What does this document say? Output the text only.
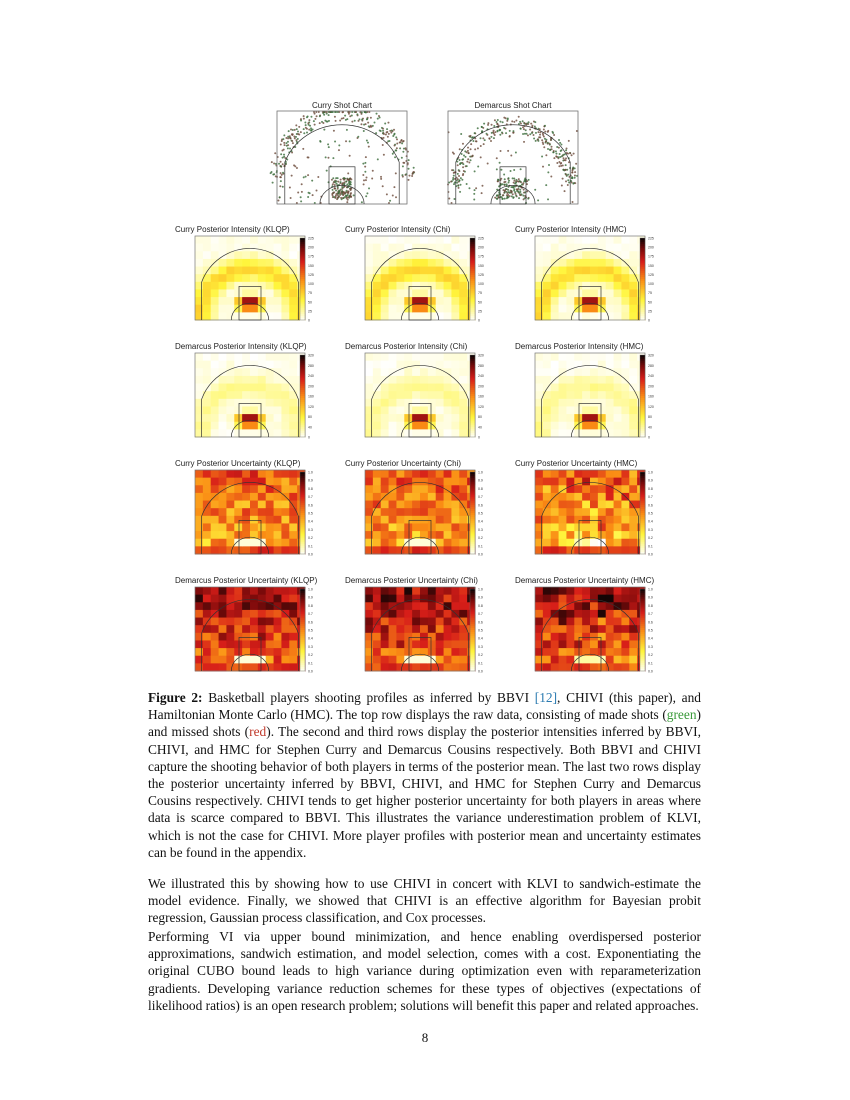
Curry Shot Chart	Demarcus Shot Chart
Curry Posterior Intensity (KLQP)
0
25
50
75
100
125
150
175
200
225
Curry Posterior Intensity (Chi)
0
25
50
75
100
125
150
175
200
225
Curry Posterior Intensity (HMC)
0
25
50
75
100
125
150
175
200
225
Demarcus Posterior Intensity (KLQP)
0
40
80
120
160
200
240
280
320
Demarcus Posterior Intensity (Chi)
0
40
80
120
160
200
240
280
320
Demarcus Posterior Intensity (HMC)
0
40
80
120
160
200
240
280
320
Curry Posterior Uncertainty (KLQP)
0.0
0.1
0.2
0.3
0.4
0.5
0.6
0.7
0.8
0.9
1.0
Curry Posterior Uncertainty (Chi)
0.0
0.1
0.2
0.3
0.4
0.5
0.6
0.7
0.8
0.9
1.0
Curry Posterior Uncertainty (HMC)
0.0
0.1
0.2
0.3
0.4
0.5
0.6
0.7
0.8
0.9
1.0
Demarcus Posterior Uncertainty (KLQP)
0.0
0.1
0.2
0.3
0.4
0.5
0.6
0.7
0.8
0.9
1.0
Demarcus Posterior Uncertainty (Chi)
0.0
0.1
0.2
0.3
0.4
0.5
0.6
0.7
0.8
0.9
1.0
Demarcus Posterior Uncertainty (HMC)
0.0
0.1
0.2
0.3
0.4
0.5
0.6
0.7
0.8
0.9
1.0
Figure 2: Basketball players shooting profiles as inferred by BBVI [12], CHIVI (this paper), and Hamiltonian Monte Carlo (HMC). The top row displays the raw data, consisting of made shots (green) and missed shots (red). The second and third rows display the posterior intensities inferred by BBVI, CHIVI, and HMC for Stephen Curry and Demarcus Cousins respectively. Both BBVI and CHIVI capture the shooting behavior of both players in terms of the posterior mean. The last two rows display the posterior uncertainty inferred by BBVI, CHIVI, and HMC for Stephen Curry and Demarcus Cousins respectively. CHIVI tends to get higher posterior uncertainty for both players in areas where data is scarce compared to BBVI. This illustrates the variance underestimation problem of KLVI, which is not the case for CHIVI. More player profiles with posterior mean and uncertainty estimates can be found in the appendix.
We illustrated this by showing how to use CHIVI in concert with KLVI to sandwich-estimate the model evidence. Finally, we showed that CHIVI is an effective algorithm for Bayesian probit regression, Gaussian process classification, and Cox processes.
Performing VI via upper bound minimization, and hence enabling overdispersed posterior approximations, sandwich estimation, and model selection, comes with a cost. Exponentiating the original CUBO bound leads to high variance during optimization even with reparameterization gradients. Developing variance reduction schemes for these types of objectives (expectations of likelihood ratios) is an open research problem; solutions will benefit this paper and related approaches.
8
